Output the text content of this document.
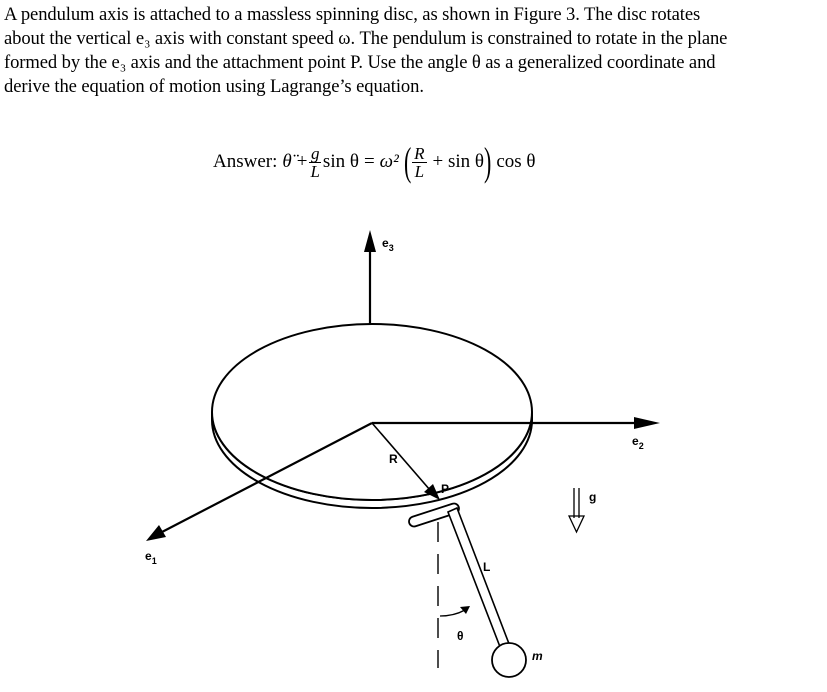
A pendulum axis is attached to a massless spinning disc, as shown in Figure 3. The disc rotates
about the vertical e₃ axis with constant speed ω. The pendulum is constrained to rotate in the plane
formed by the e₃ axis and the attachment point P. Use the angle θ as a generalized coordinate and
derive the equation of motion using Lagrange’s equation.
Answer: θ̈ + $\frac{g}{L}$ sin θ = ω² ( $\frac{R}{L} + \sin \theta$ ) cos θ
$e_3$
$e_2$
$e_1$
R
P
m
L
θ
g
